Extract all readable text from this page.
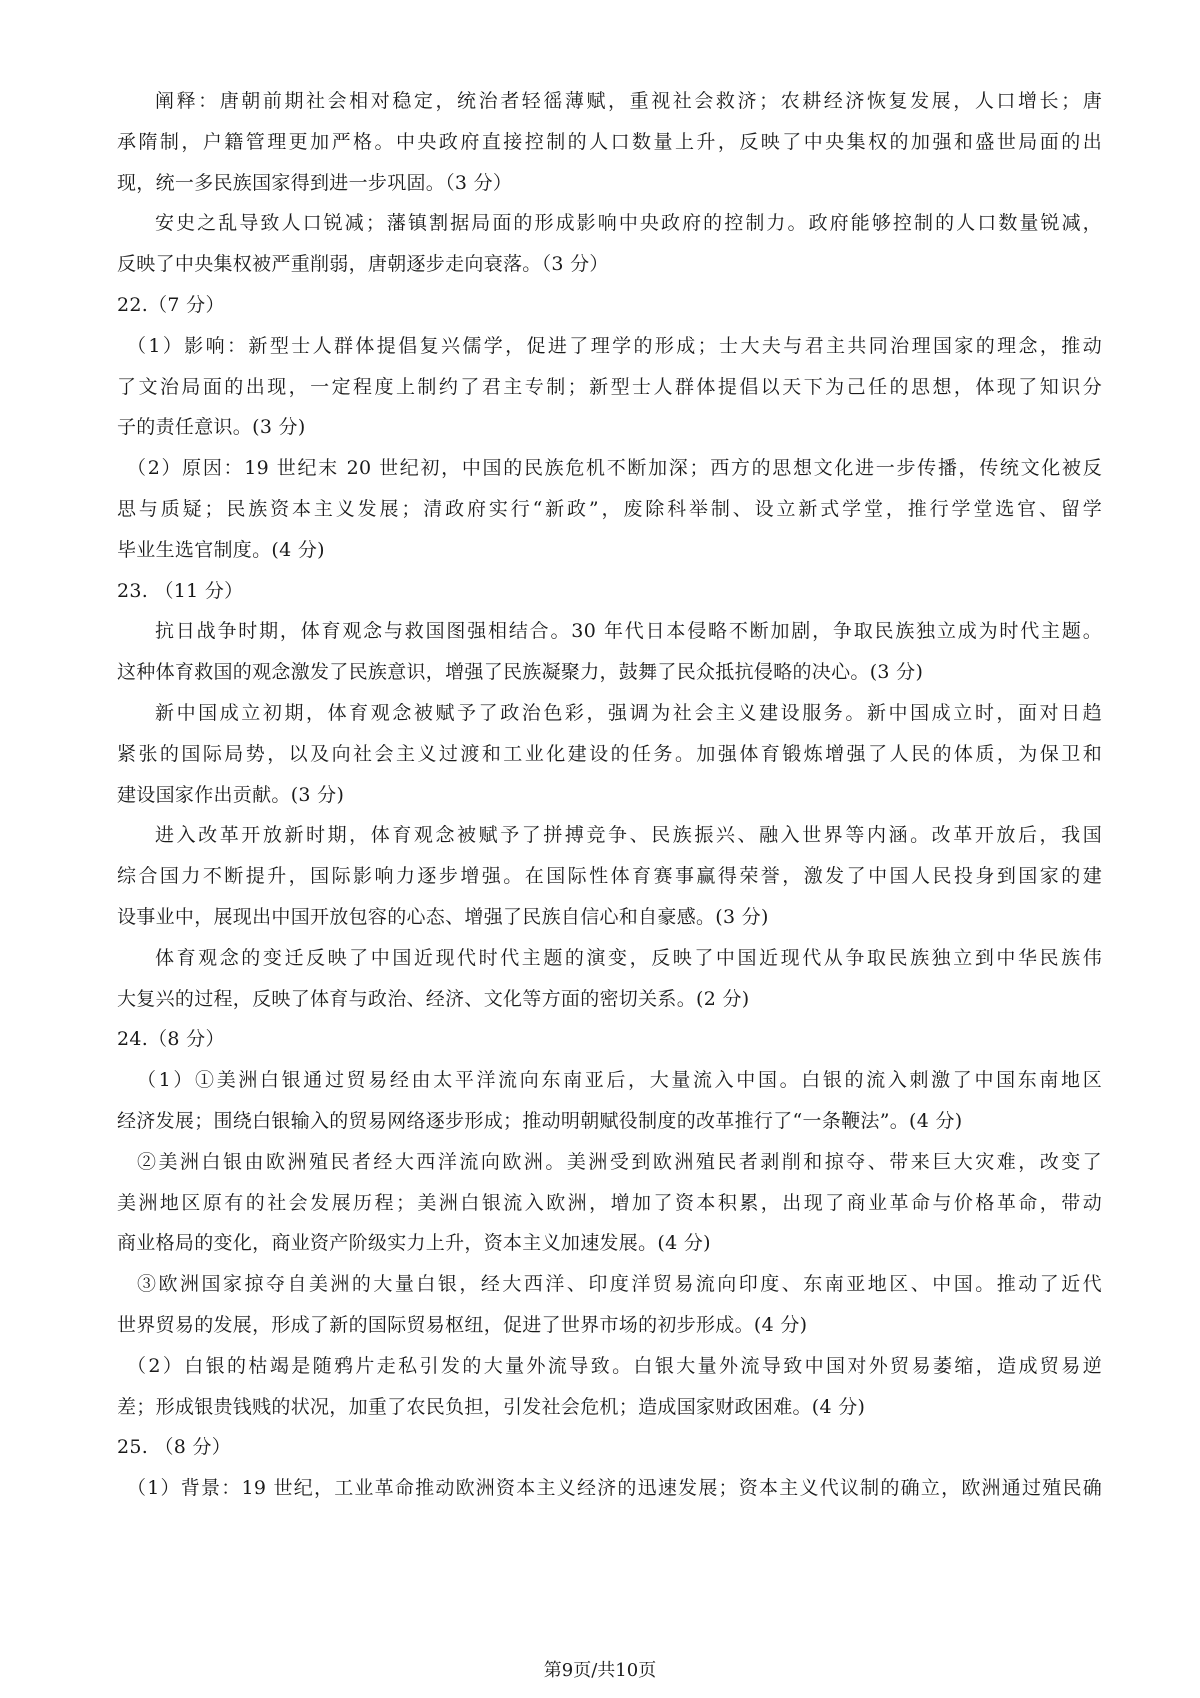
阐释：唐朝前期社会相对稳定，统治者轻徭薄赋，重视社会救济；农耕经济恢复发展，人口增长；唐
承隋制，户籍管理更加严格。中央政府直接控制的人口数量上升，反映了中央集权的加强和盛世局面的出
现，统一多民族国家得到进一步巩固。（3 分）
安史之乱导致人口锐减；藩镇割据局面的形成影响中央政府的控制力。政府能够控制的人口数量锐减，
反映了中央集权被严重削弱，唐朝逐步走向衰落。（3 分）
22.（7 分）
（1）影响：新型士人群体提倡复兴儒学，促进了理学的形成；士大夫与君主共同治理国家的理念，推动
了文治局面的出现，一定程度上制约了君主专制；新型士人群体提倡以天下为己任的思想，体现了知识分
子的责任意识。(3 分)
（2）原因：19 世纪末 20 世纪初，中国的民族危机不断加深；西方的思想文化进一步传播，传统文化被反
思与质疑；民族资本主义发展；清政府实行“新政”，废除科举制、设立新式学堂，推行学堂选官、留学
毕业生选官制度。(4 分)
23. （11 分）
抗日战争时期，体育观念与救国图强相结合。30 年代日本侵略不断加剧，争取民族独立成为时代主题。
这种体育救国的观念激发了民族意识，增强了民族凝聚力，鼓舞了民众抵抗侵略的决心。(3 分)
新中国成立初期，体育观念被赋予了政治色彩，强调为社会主义建设服务。新中国成立时，面对日趋
紧张的国际局势，以及向社会主义过渡和工业化建设的任务。加强体育锻炼增强了人民的体质，为保卫和
建设国家作出贡献。(3 分)
进入改革开放新时期，体育观念被赋予了拼搏竞争、民族振兴、融入世界等内涵。改革开放后，我国
综合国力不断提升，国际影响力逐步增强。在国际性体育赛事赢得荣誉，激发了中国人民投身到国家的建
设事业中，展现出中国开放包容的心态、增强了民族自信心和自豪感。(3 分)
体育观念的变迁反映了中国近现代时代主题的演变，反映了中国近现代从争取民族独立到中华民族伟
大复兴的过程，反映了体育与政治、经济、文化等方面的密切关系。(2 分)
24.（8 分）
（1）①美洲白银通过贸易经由太平洋流向东南亚后，大量流入中国。白银的流入刺激了中国东南地区
经济发展；围绕白银输入的贸易网络逐步形成；推动明朝赋役制度的改革推行了“一条鞭法”。(4 分)
②美洲白银由欧洲殖民者经大西洋流向欧洲。美洲受到欧洲殖民者剥削和掠夺、带来巨大灾难，改变了
美洲地区原有的社会发展历程；美洲白银流入欧洲，增加了资本积累，出现了商业革命与价格革命，带动
商业格局的变化，商业资产阶级实力上升，资本主义加速发展。(4 分)
③欧洲国家掠夺自美洲的大量白银，经大西洋、印度洋贸易流向印度、东南亚地区、中国。推动了近代
世界贸易的发展，形成了新的国际贸易枢纽，促进了世界市场的初步形成。(4 分)
（2）白银的枯竭是随鸦片走私引发的大量外流导致。白银大量外流导致中国对外贸易萎缩，造成贸易逆
差；形成银贵钱贱的状况，加重了农民负担，引发社会危机；造成国家财政困难。(4 分)
25. （8 分）
（1）背景：19 世纪，工业革命推动欧洲资本主义经济的迅速发展；资本主义代议制的确立，欧洲通过殖民确
第9页/共10页
